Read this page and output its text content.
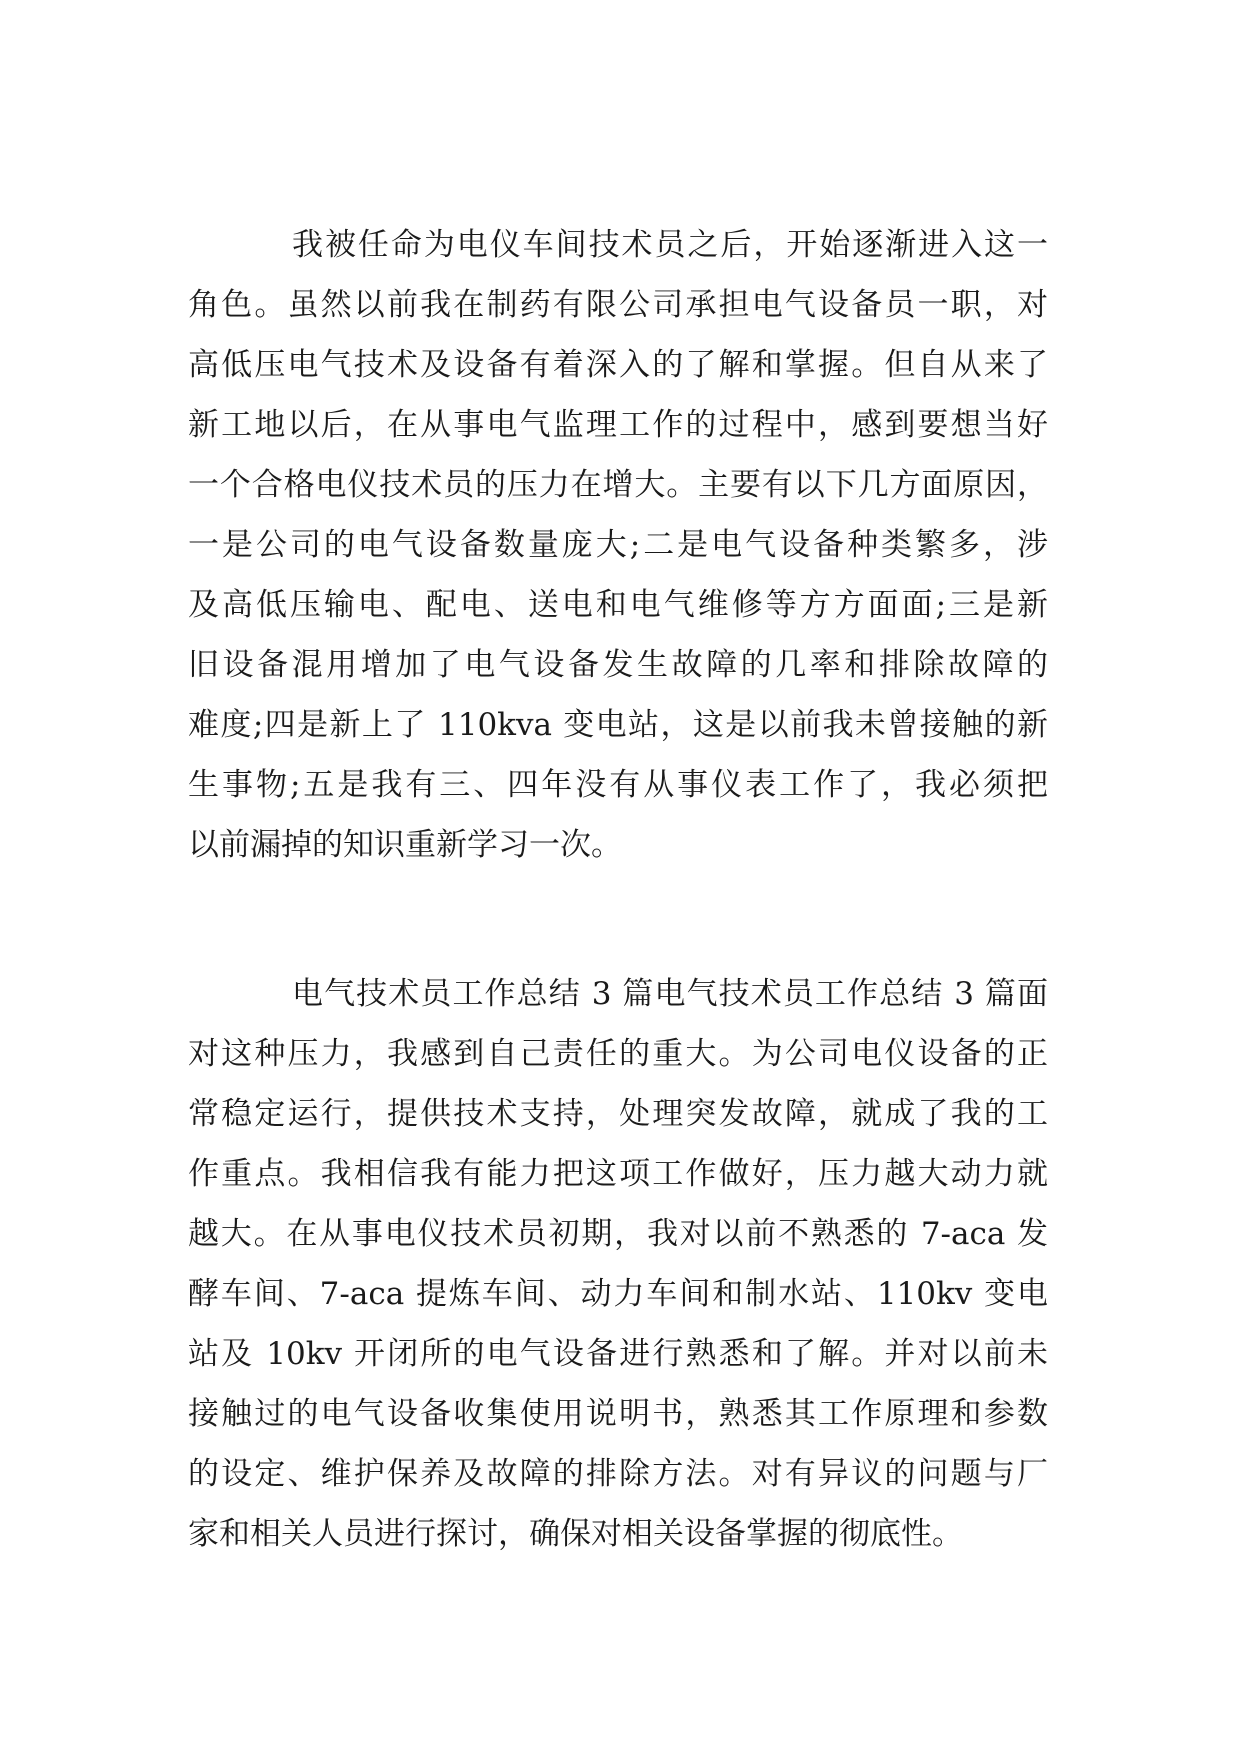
我被任命为电仪车间技术员之后，开始逐渐进入这一
角色。虽然以前我在制药有限公司承担电气设备员一职，对
高低压电气技术及设备有着深入的了解和掌握。但自从来了
新工地以后，在从事电气监理工作的过程中，感到要想当好
一个合格电仪技术员的压力在增大。主要有以下几方面原因，
一是公司的电气设备数量庞大;二是电气设备种类繁多，涉
及高低压输电、配电、送电和电气维修等方方面面;三是新
旧设备混用增加了电气设备发生故障的几率和排除故障的
难度;四是新上了 110kva 变电站，这是以前我未曾接触的新
生事物;五是我有三、四年没有从事仪表工作了，我必须把
以前漏掉的知识重新学习一次。
电气技术员工作总结 3 篇电气技术员工作总结 3 篇面
对这种压力，我感到自己责任的重大。为公司电仪设备的正
常稳定运行，提供技术支持，处理突发故障，就成了我的工
作重点。我相信我有能力把这项工作做好，压力越大动力就
越大。在从事电仪技术员初期，我对以前不熟悉的 7-aca 发
酵车间、7-aca 提炼车间、动力车间和制水站、110kv 变电
站及 10kv 开闭所的电气设备进行熟悉和了解。并对以前未
接触过的电气设备收集使用说明书，熟悉其工作原理和参数
的设定、维护保养及故障的排除方法。对有异议的问题与厂
家和相关人员进行探讨，确保对相关设备掌握的彻底性。
